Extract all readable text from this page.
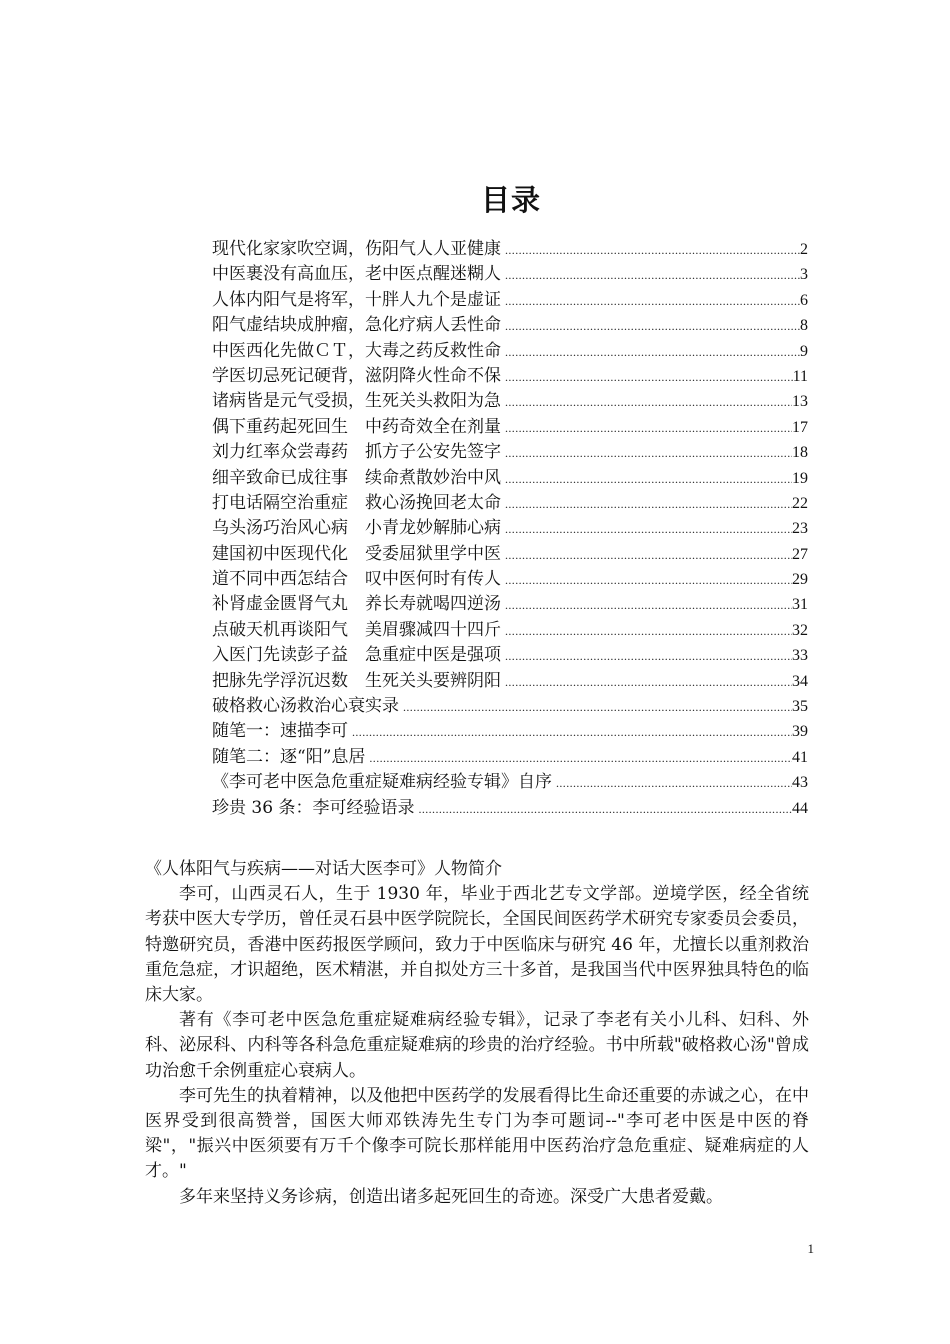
目录
现代化家家吹空调，伤阳气人人亚健康 .....	2
中医裹没有高血压，老中医点醒迷糊人 .....	3
人体内阳气是将军，十胖人九个是虚证 .....	6
阳气虚结块成肿瘤，急化疗病人丢性命 .....	8
中医西化先做ＣＴ，大毒之药反救性命 .....	9
学医切忌死记硬背，滋阴降火性命不保 .....	11
诸病皆是元气受损，生死关头救阳为急 .....	13
偶下重药起死回生　中药奇效全在剂量 .....	17
刘力红率众尝毒药　抓方子公安先签字 .....	18
细辛致命已成往事　续命煮散妙治中风 .....	19
打电话隔空治重症　救心汤挽回老太命 .....	22
乌头汤巧治风心病　小青龙妙解肺心病 .....	23
建国初中医现代化　受委屈狱里学中医 .....	27
道不同中西怎结合　叹中医何时有传人 .....	29
补肾虚金匮肾气丸　养长寿就喝四逆汤 .....	31
点破天机再谈阳气　美眉骤减四十四斤 .....	32
入医门先读彭子益　急重症中医是强项 .....	33
把脉先学浮沉迟数　生死关头要辨阴阳 .....	34
破格救心汤救治心衰实录 .....	35
随笔一：速描李可 .....	39
随笔二：逐“阳”息居 .....	41
《李可老中医急危重症疑难病经验专辑》自序 .....	43
珍贵 36 条：李可经验语录 .....	44
《人体阳气与疾病——对话大医李可》人物简介

李可，山西灵石人，生于 1930 年，毕业于西北艺专文学部。逆境学医，经全省统考获中医大专学历，曾任灵石县中医学院院长，全国民间医药学术研究专家委员会委员，特邀研究员，香港中医药报医学顾问，致力于中医临床与研究 46 年，尤擅长以重剂救治重危急症，才识超绝，医术精湛，并自拟处方三十多首，是我国当代中医界独具特色的临床大家。

著有《李可老中医急危重症疑难病经验专辑》，记录了李老有关小儿科、妇科、外科、泌尿科、内科等各科急危重症疑难病的珍贵的治疗经验。书中所载"破格救心汤"曾成功治愈千余例重症心衰病人。

李可先生的执着精神，以及他把中医药学的发展看得比生命还重要的赤诚之心，在中医界受到很高赞誉，国医大师邓铁涛先生专门为李可题词--"李可老中医是中医的脊梁"，"振兴中医须要有万千个像李可院长那样能用中医药治疗急危重症、疑难病症的人才。"

多年来坚持义务诊病，创造出诸多起死回生的奇迹。深受广大患者爱戴。

1
